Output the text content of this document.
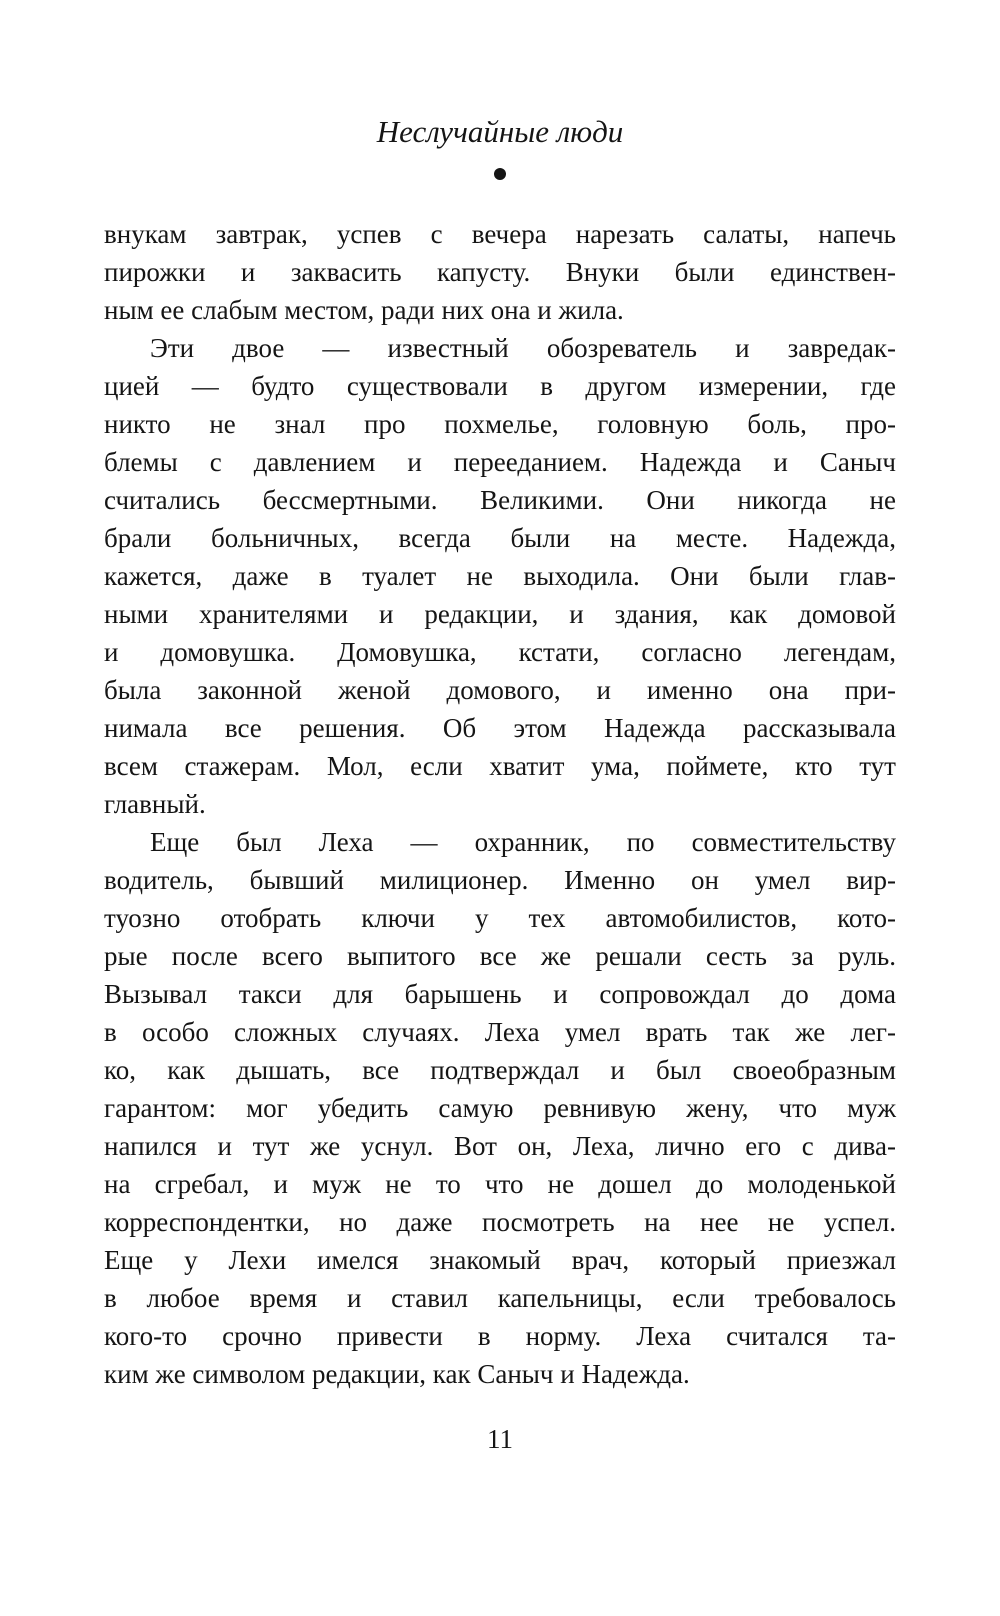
Неслучайные люди

внукам завтрак, успев с вечера нарезать салаты, напечь
пирожки и заквасить капусту. Внуки были единствен-
ным ее слабым местом, ради них она и жила.

Эти двое — известный обозреватель и завредак-
цией — будто существовали в другом измерении, где
никто не знал про похмелье, головную боль, про-
блемы с давлением и перееданием. Надежда и Саныч
считались бессмертными. Великими. Они никогда не
брали больничных, всегда были на месте. Надежда,
кажется, даже в туалет не выходила. Они были глав-
ными хранителями и редакции, и здания, как домовой
и домовушка. Домовушка, кстати, согласно легендам,
была законной женой домового, и именно она при-
нимала все решения. Об этом Надежда рассказывала
всем стажерам. Мол, если хватит ума, поймете, кто тут
главный.

Еще был Леха — охранник, по совместительству
водитель, бывший милиционер. Именно он умел вир-
туозно отобрать ключи у тех автомобилистов, кото-
рые после всего выпитого все же решали сесть за руль.
Вызывал такси для барышень и сопровождал до дома
в особо сложных случаях. Леха умел врать так же лег-
ко, как дышать, все подтверждал и был своеобразным
гарантом: мог убедить самую ревнивую жену, что муж
напился и тут же уснул. Вот он, Леха, лично его с дива-
на сгребал, и муж не то что не дошел до молоденькой
корреспондентки, но даже посмотреть на нее не успел.
Еще у Лехи имелся знакомый врач, который приезжал
в любое время и ставил капельницы, если требовалось
кого-то срочно привести в норму. Леха считался та-
ким же символом редакции, как Саныч и Надежда.

11
